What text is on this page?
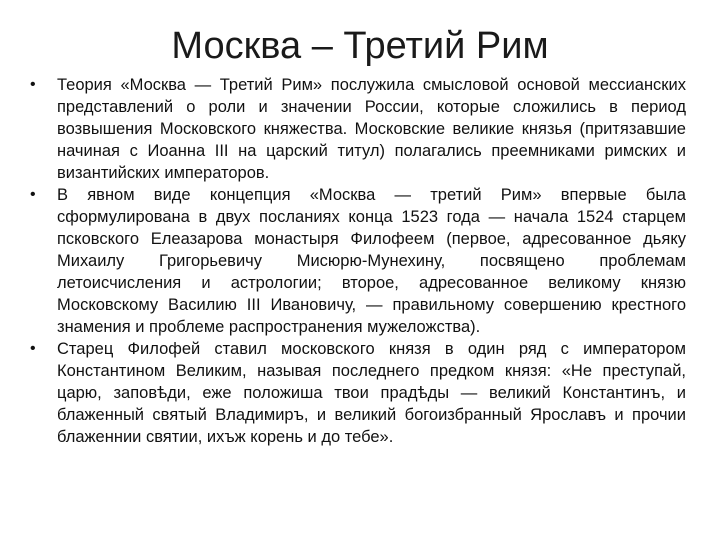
Москва – Третий Рим
•	Теория «Москва — Третий Рим» послужила смысловой основой мессианских представлений о роли и значении России, которые сложились в период возвышения Московского княжества. Московские великие князья (притязавшие начиная с Иоанна III на царский титул) полагались преемниками римских и византийских императоров.
•	В явном виде концепция «Москва — третий Рим» впервые была сформулирована в двух посланиях конца 1523 года — начала 1524 старцем псковского Елеазарова монастыря Филофеем (первое, адресованное дьяку Михаилу Григорьевичу Мисюрю-Мунехину, посвящено проблемам летоисчисления и астрологии; второе, адресованное великому князю Московскому Василию III Ивановичу, — правильному совершению крестного знамения и проблеме распространения мужеложства).
•	Старец Филофей ставил московского князя в один ряд с императором Константином Великим, называя последнего предком князя: «Не преступай, царю, заповѣди, еже положиша твои прадѣды — великий Константинъ, и блаженный святый Владимиръ, и великий богоизбранный Ярославъ и прочии блаженнии святии, ихъж корень и до тебе».
